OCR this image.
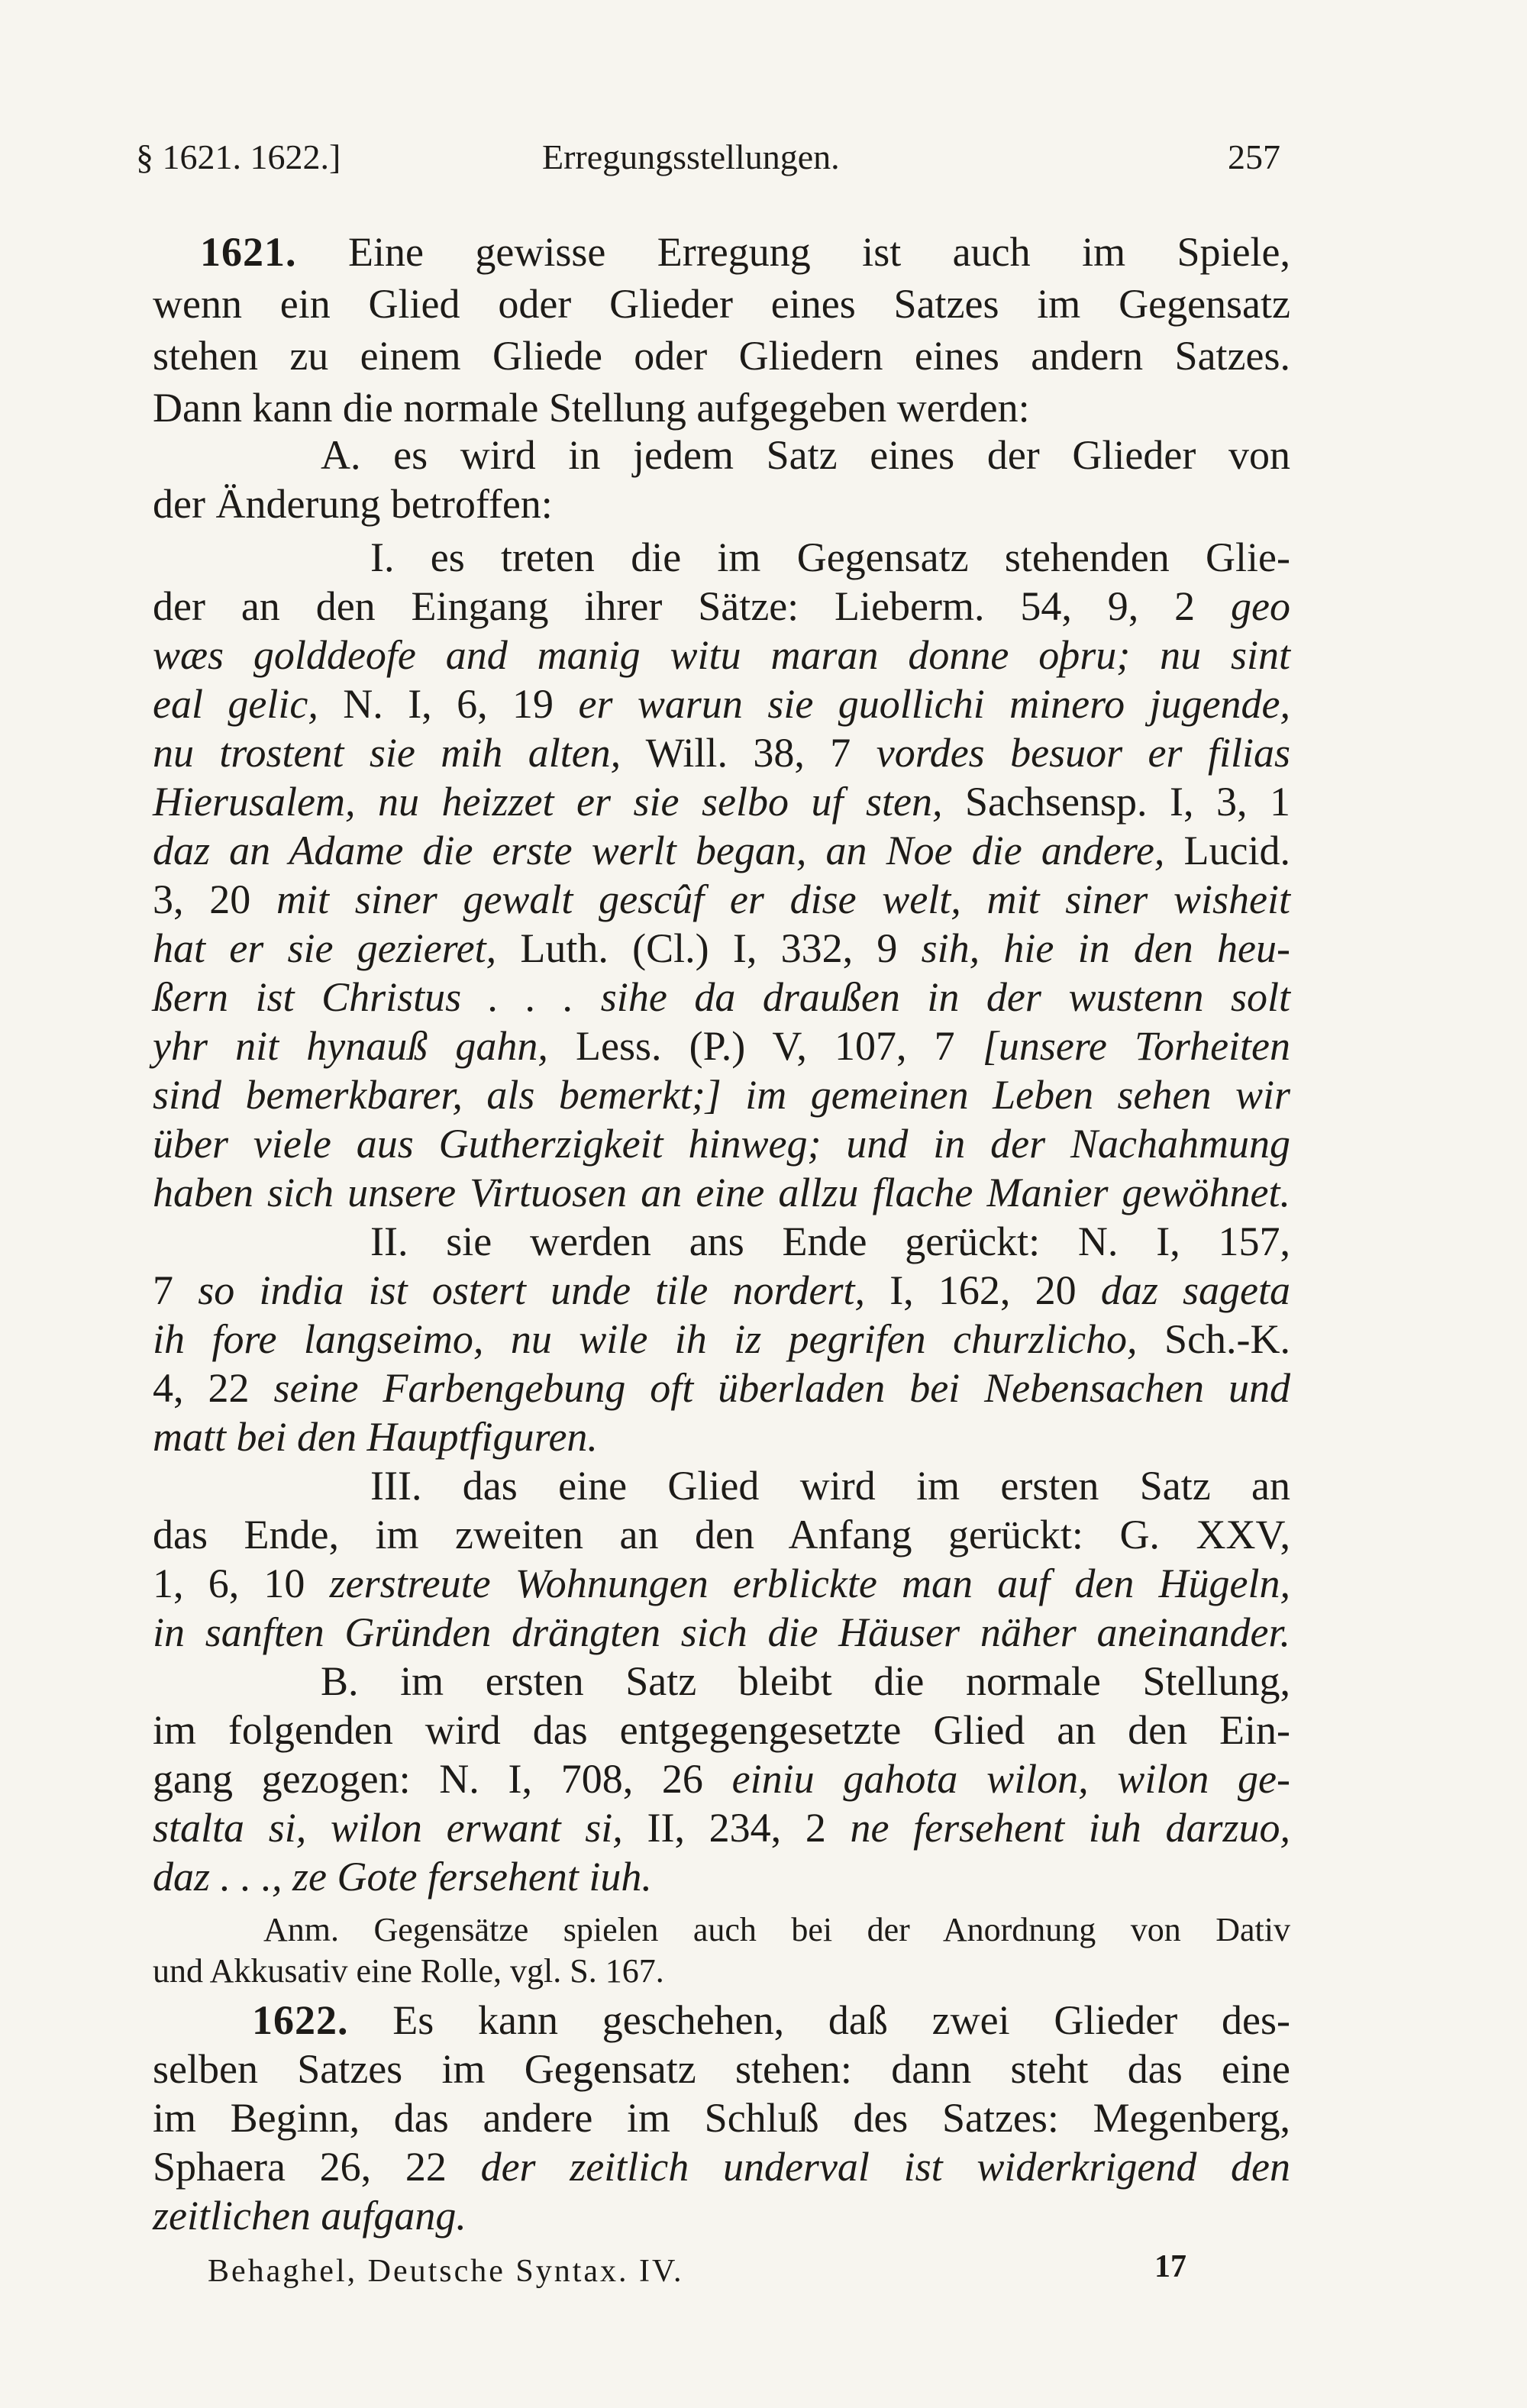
§ 1621. 1622.]	Erregungsstellungen.	257
1621. Eine gewisse Erregung ist auch im Spiele,
wenn ein Glied oder Glieder eines Satzes im Gegensatz
stehen zu einem Gliede oder Gliedern eines andern Satzes.
Dann kann die normale Stellung aufgegeben werden:
A. es wird in jedem Satz eines der Glieder von
der Änderung betroffen:
I. es treten die im Gegensatz stehenden Glie-
der an den Eingang ihrer Sätze: Lieberm. 54, 9, 2 geo
wæs golddeofe and manig witu maran donne oþru; nu sint
eal gelic, N. I, 6, 19 er warun sie guollichi minero jugende,
nu trostent sie mih alten, Will. 38, 7 vordes besuor er filias
Hierusalem, nu heizzet er sie selbo uf sten, Sachsensp. I, 3, 1
daz an Adame die erste werlt began, an Noe die andere, Lucid.
3, 20 mit siner gewalt gescûf er dise welt, mit siner wisheit
hat er sie gezieret, Luth. (Cl.) I, 332, 9 sih, hie in den heu-
ßern ist Christus . . . sihe da draußen in der wustenn solt
yhr nit hynauß gahn, Less. (P.) V, 107, 7 [unsere Torheiten
sind bemerkbarer, als bemerkt;] im gemeinen Leben sehen wir
über viele aus Gutherzigkeit hinweg; und in der Nachahmung
haben sich unsere Virtuosen an eine allzu flache Manier gewöhnet.
II. sie werden ans Ende gerückt: N. I, 157,
7 so india ist ostert unde tile nordert, I, 162, 20 daz sageta
ih fore langseimo, nu wile ih iz pegrifen churzlicho, Sch.-K.
4, 22 seine Farbengebung oft überladen bei Nebensachen und
matt bei den Hauptfiguren.
III. das eine Glied wird im ersten Satz an
das Ende, im zweiten an den Anfang gerückt: G. XXV,
1, 6, 10 zerstreute Wohnungen erblickte man auf den Hügeln,
in sanften Gründen drängten sich die Häuser näher aneinander.
B. im ersten Satz bleibt die normale Stellung,
im folgenden wird das entgegengesetzte Glied an den Ein-
gang gezogen: N. I, 708, 26 einiu gahota wilon, wilon ge-
stalta si, wilon erwant si, II, 234, 2 ne fersehent iuh darzuo,
daz . . ., ze Gote fersehent iuh.
Anm. Gegensätze spielen auch bei der Anordnung von Dativ
und Akkusativ eine Rolle, vgl. S. 167.
1622. Es kann geschehen, daß zwei Glieder des-
selben Satzes im Gegensatz stehen: dann steht das eine
im Beginn, das andere im Schluß des Satzes: Megenberg,
Sphaera 26, 22 der zeitlich underval ist widerkrigend den
zeitlichen aufgang.
Behaghel, Deutsche Syntax. IV.	17
